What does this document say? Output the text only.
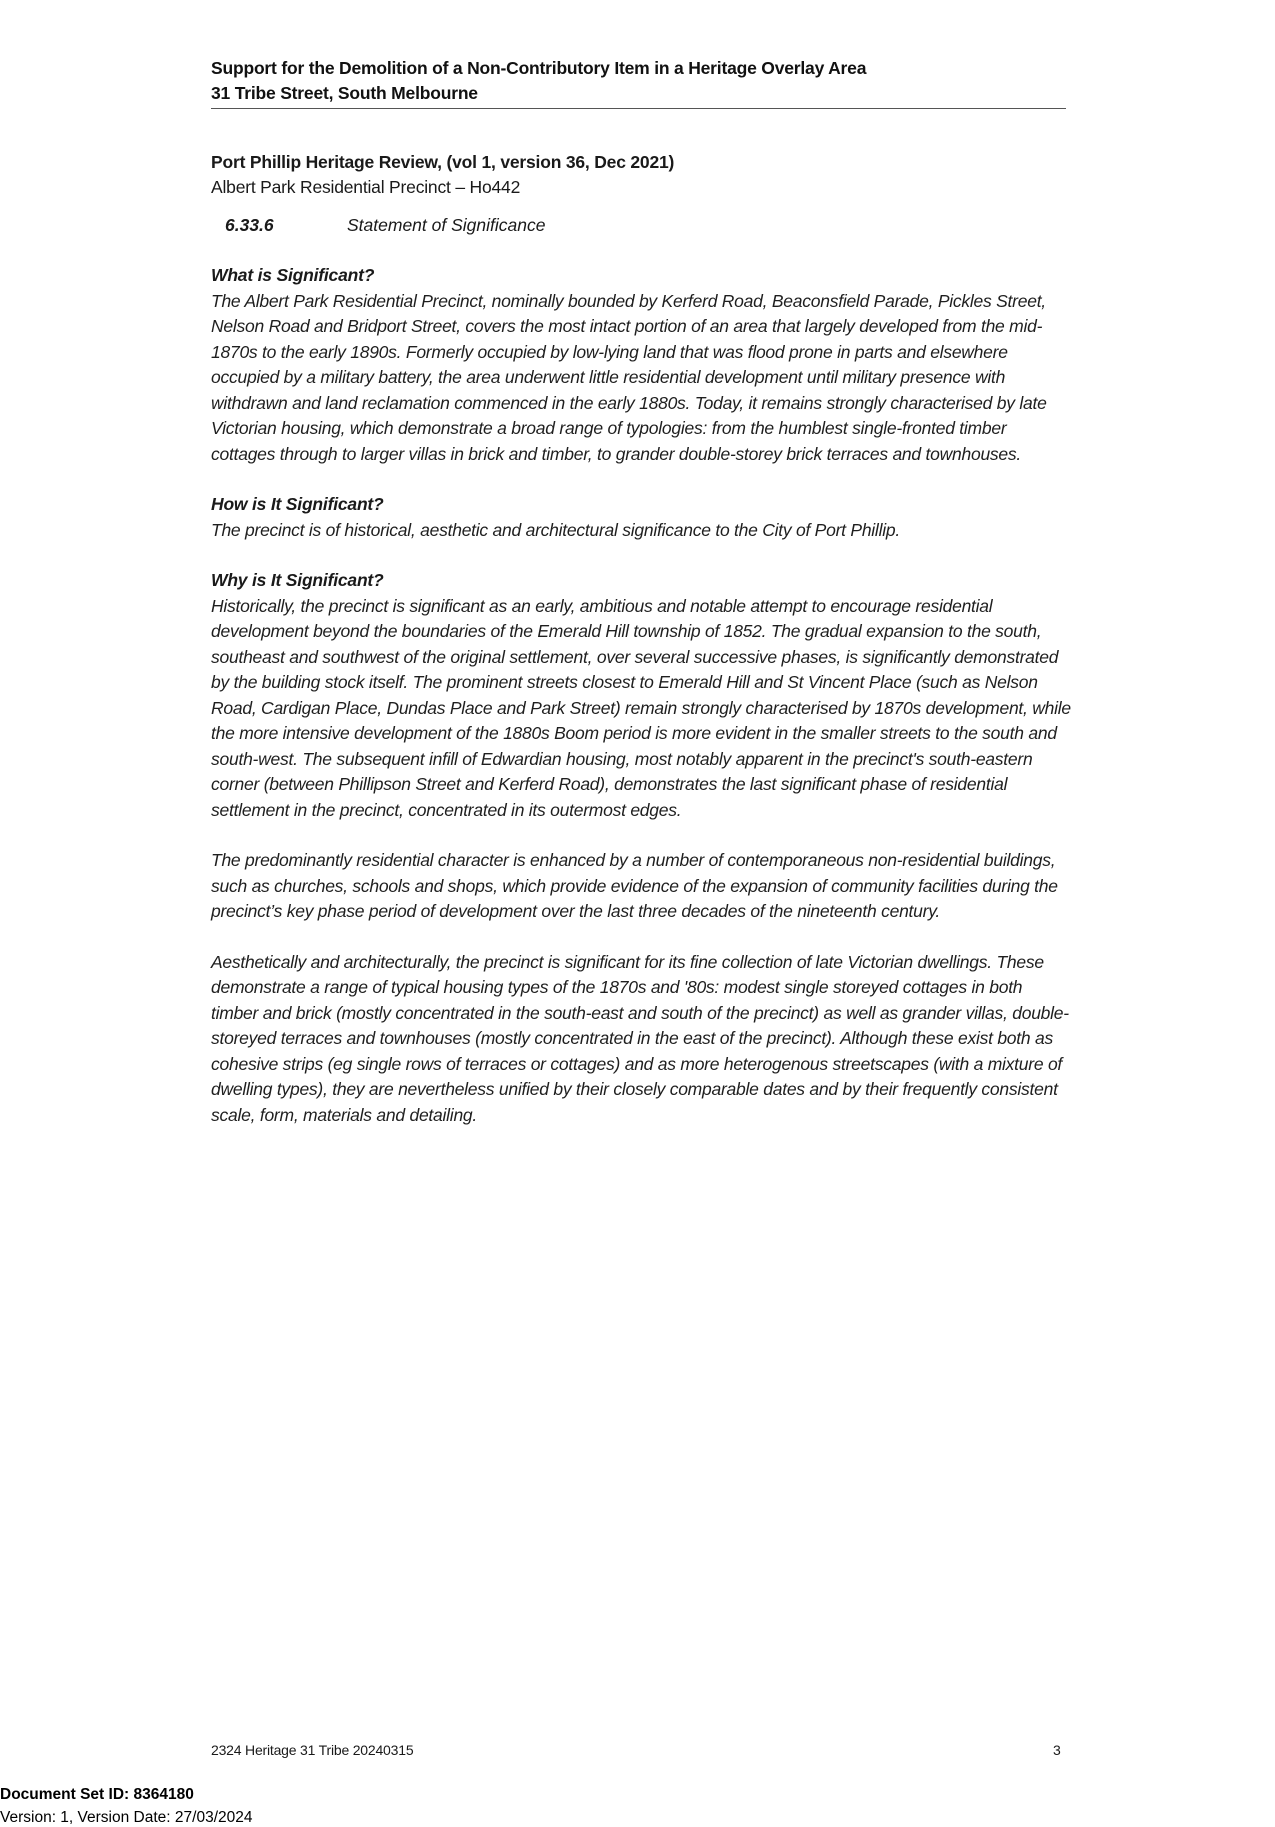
Support for the Demolition of a Non-Contributory Item in a Heritage Overlay Area
31 Tribe Street, South Melbourne
Port Phillip Heritage Review, (vol 1, version 36, Dec 2021)
Albert Park Residential Precinct – Ho442
6.33.6	Statement of Significance
What is Significant?

The Albert Park Residential Precinct, nominally bounded by Kerferd Road, Beaconsfield Parade, Pickles Street, Nelson Road and Bridport Street, covers the most intact portion of an area that largely developed from the mid-1870s to the early 1890s. Formerly occupied by low-lying land that was flood prone in parts and elsewhere occupied by a military battery, the area underwent little residential development until military presence with withdrawn and land reclamation commenced in the early 1880s. Today, it remains strongly characterised by late Victorian housing, which demonstrate a broad range of typologies: from the humblest single-fronted timber cottages through to larger villas in brick and timber, to grander double-storey brick terraces and townhouses.

How is It Significant?

The precinct is of historical, aesthetic and architectural significance to the City of Port Phillip.

Why is It Significant?

Historically, the precinct is significant as an early, ambitious and notable attempt to encourage residential development beyond the boundaries of the Emerald Hill township of 1852. The gradual expansion to the south, southeast and southwest of the original settlement, over several successive phases, is significantly demonstrated by the building stock itself. The prominent streets closest to Emerald Hill and St Vincent Place (such as Nelson Road, Cardigan Place, Dundas Place and Park Street) remain strongly characterised by 1870s development, while the more intensive development of the 1880s Boom period is more evident in the smaller streets to the south and south-west. The subsequent infill of Edwardian housing, most notably apparent in the precinct's south-eastern corner (between Phillipson Street and Kerferd Road), demonstrates the last significant phase of residential settlement in the precinct, concentrated in its outermost edges.

The predominantly residential character is enhanced by a number of contemporaneous non-residential buildings, such as churches, schools and shops, which provide evidence of the expansion of community facilities during the precinct’s key phase period of development over the last three decades of the nineteenth century.

Aesthetically and architecturally, the precinct is significant for its fine collection of late Victorian dwellings. These demonstrate a range of typical housing types of the 1870s and '80s: modest single storeyed cottages in both timber and brick (mostly concentrated in the south-east and south of the precinct) as well as grander villas, double-storeyed terraces and townhouses (mostly concentrated in the east of the precinct). Although these exist both as cohesive strips (eg single rows of terraces or cottages) and as more heterogenous streetscapes (with a mixture of dwelling types), they are nevertheless unified by their closely comparable dates and by their frequently consistent scale, form, materials and detailing.

2324 Heritage 31 Tribe 20240315	3
Document Set ID: 8364180
Version: 1, Version Date: 27/03/2024
